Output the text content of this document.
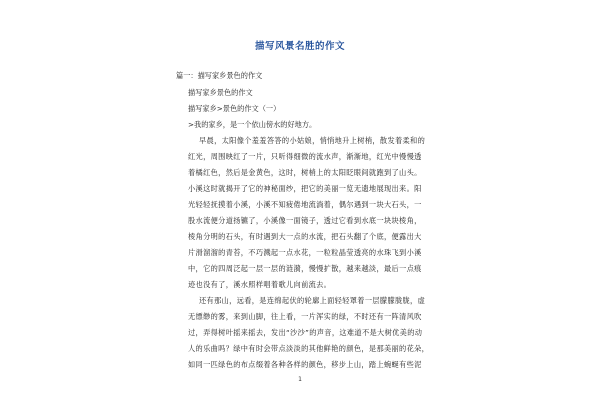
描写风景名胜的作文
篇一：描写家乡景色的作文
描写家乡景色的作文
描写家乡>景色的作文（一）
>我的家乡，是一个依山傍水的好地方。
早晨，太阳像个羞羞答答的小姑娘，悄悄地升上树梢，散发着柔和的
红光，周围映红了一片，只听得细微的流水声，渐渐地，红光中慢慢透
着橘红色，然后是金黄色，这时，树梢上的太阳眨眼间就跑到了山头。
小溪这时就揭开了它的神秘面纱，把它的美丽一览无遗地展现出来。阳
光轻轻抚摸着小溪，小溪不知疲倦地流淌着，偶尔遇到一块大石头，一
股水流便分道扬镳了，小溪像一面镜子，透过它看到水底一块块棱角，
棱角分明的石头，有时遇到大一点的水流，把石头翻了个底，便露出大
片滑溜溜的青苔，不巧溅起一点水花，一粒粒晶莹透亮的水珠飞到小溪
中，它的四周泛起一层一层的涟漪，慢慢扩散，越来越淡，最后一点痕
迹也没有了，溪水照样唱着歌儿向前流去。
还有那山，远看，是连绵起伏的轮廓上面轻轻罩着一层朦朦胧胧，虚
无缥缈的雾，来到山脚，往上看，一片浑实的绿，不时还有一阵清风吹
过，弄得树叶摇来摇去，发出“沙沙”的声音，这难道不是大树优美的动
人的乐曲吗？绿中有时会带点淡淡的其他鲜艳的颜色，是那美丽的花朵，
如同一匹绿色的布点缀着各种各样的颜色，移步上山，踏上蜿蜒有些泥
1
